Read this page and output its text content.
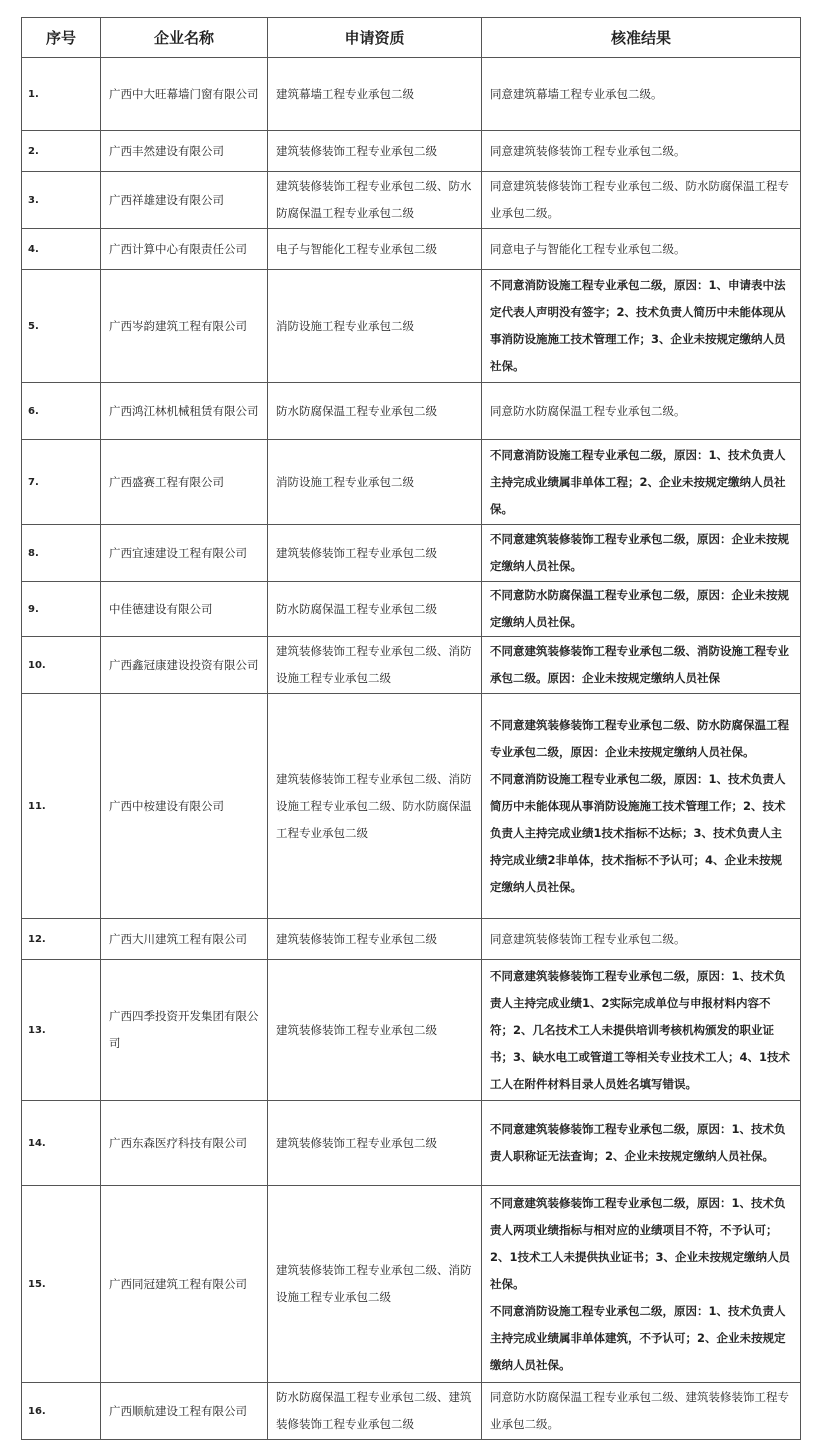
序号	企业名称	申请资质	核准结果
1.	广西中大旺幕墙门窗有限公司	建筑幕墙工程专业承包二级	同意建筑幕墙工程专业承包二级。

2.	广西丰然建设有限公司	建筑装修装饰工程专业承包二级	同意建筑装修装饰工程专业承包二级。

3.	广西祥雄建设有限公司	建筑装修装饰工程专业承包二级、防水防腐保温工程专业承包二级	同意建筑装修装饰工程专业承包二级、防水防腐保温工程专业承包二级。

4.	广西计算中心有限责任公司	电子与智能化工程专业承包二级	同意电子与智能化工程专业承包二级。

5.	广西岑韵建筑工程有限公司	消防设施工程专业承包二级	不同意消防设施工程专业承包二级，原因：1、申请表中法定代表人声明没有签字；2、技术负责人简历中未能体现从事消防设施施工技术管理工作；3、企业未按规定缴纳人员社保。

6.	广西鸿江林机械租赁有限公司	防水防腐保温工程专业承包二级	同意防水防腐保温工程专业承包二级。

7.	广西盛赛工程有限公司	消防设施工程专业承包二级	不同意消防设施工程专业承包二级，原因：1、技术负责人主持完成业绩属非单体工程；2、企业未按规定缴纳人员社保。

8.	广西宜速建设工程有限公司	建筑装修装饰工程专业承包二级	不同意建筑装修装饰工程专业承包二级，原因：企业未按规定缴纳人员社保。

9.	中佳德建设有限公司	防水防腐保温工程专业承包二级	不同意防水防腐保温工程专业承包二级，原因：企业未按规定缴纳人员社保。

10.	广西鑫冠康建设投资有限公司	建筑装修装饰工程专业承包二级、消防设施工程专业承包二级	不同意建筑装修装饰工程专业承包二级、消防设施工程专业承包二级。原因：企业未按规定缴纳人员社保

11.	广西中桉建设有限公司	建筑装修装饰工程专业承包二级、消防设施工程专业承包二级、防水防腐保温工程专业承包二级	不同意建筑装修装饰工程专业承包二级、防水防腐保温工程专业承包二级，原因：企业未按规定缴纳人员社保。

不同意消防设施工程专业承包二级，原因：1、技术负责人简历中未能体现从事消防设施施工技术管理工作；2、技术负责人主持完成业绩1技术指标不达标；3、技术负责人主持完成业绩2非单体，技术指标不予认可；4、企业未按规定缴纳人员社保。

12.	广西大川建筑工程有限公司	建筑装修装饰工程专业承包二级	同意建筑装修装饰工程专业承包二级。

13.	广西四季投资开发集团有限公司	建筑装修装饰工程专业承包二级	不同意建筑装修装饰工程专业承包二级，原因：1、技术负责人主持完成业绩1、2实际完成单位与申报材料内容不符；2、几名技术工人未提供培训考核机构颁发的职业证书；3、缺水电工或管道工等相关专业技术工人；4、1技术工人在附件材料目录人员姓名填写错误。

14.	广西东森医疗科技有限公司	建筑装修装饰工程专业承包二级	不同意建筑装修装饰工程专业承包二级，原因：1、技术负责人职称证无法查询；2、企业未按规定缴纳人员社保。

15.	广西同冠建筑工程有限公司	建筑装修装饰工程专业承包二级、消防设施工程专业承包二级	不同意建筑装修装饰工程专业承包二级，原因：1、技术负责人两项业绩指标与相对应的业绩项目不符，不予认可；2、1技术工人未提供执业证书；3、企业未按规定缴纳人员社保。

不同意消防设施工程专业承包二级，原因：1、技术负责人主持完成业绩属非单体建筑，不予认可；2、企业未按规定缴纳人员社保。

16.	广西顺航建设工程有限公司	防水防腐保温工程专业承包二级、建筑装修装饰工程专业承包二级	同意防水防腐保温工程专业承包二级、建筑装修装饰工程专业承包二级。
